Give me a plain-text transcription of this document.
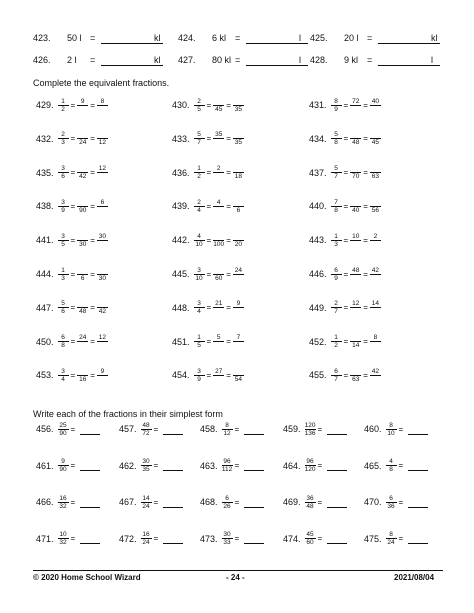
423. 50 l =	kl 424. 6 kl =	l 425. 20 l =	kl
426. 2 l =	kl 427. 80 kl =	l 428. 9 kl =	l
Complete the equivalent fractions.
429. $\frac{1}{2} = 9 = 8$	430. $\frac{2}{5} = 45 = 35$	431. $\frac{8}{9} = 72 = 40$
432. $\frac{2}{3} = 24 = 12$	433. $\frac{5}{7} = 35 = 35$	434. $\frac{5}{8} = 48 = 45$
435. $\frac{3}{6} = 42 = 12$	436. $\frac{1}{2} = 2 = 18$	437. $\frac{5}{7} = 70 = 63$
438. $\frac{3}{9} = 90 = 6$	439. $\frac{2}{4} = 4 = 6$	440. $\frac{7}{8} = 40 = 56$
441. $\frac{3}{5} = 30 = 30$	442. $\frac{4}{10} = 100 = 20$	443. $\frac{1}{3} = 10 = 2$
444. $\frac{1}{3} = 6 = 30$	445. $\frac{3}{10} = 60 = 24$	446. $\frac{6}{9} = 48 = 42$
447. $\frac{5}{6} = 48 = 42$	448. $\frac{3}{4} = 21 = 9$	449. $\frac{2}{7} = 12 = 14$
450. $\frac{6}{8} = 24 = 12$	451. $\frac{1}{5} = 5 = 7$	452. $\frac{1}{2} = 14 = 8$
453. $\frac{3}{4} = 16 = 9$	454. $\frac{3}{9} = 27 = 54$	455. $\frac{6}{7} = 63 = 42$
Write each of the fractions in their simplest form
456. $\frac{25}{90}$ =	457. $\frac{48}{72}$ =	458. $\frac{8}{12}$ =	459. $\frac{120}{136}$ =	460. $\frac{8}{10}$ =
461. $\frac{9}{90}$ =	462. $\frac{30}{35}$ =	463. $\frac{96}{112}$ =	464. $\frac{96}{120}$ =	465. $\frac{4}{8}$ =
466. $\frac{16}{32}$ =	467. $\frac{14}{24}$ =	468. $\frac{6}{26}$ =	469. $\frac{36}{48}$ =	470. $\frac{6}{36}$ =
471. $\frac{10}{32}$ =	472. $\frac{16}{24}$ =	473. $\frac{30}{33}$ =	474. $\frac{45}{60}$ =	475. $\frac{8}{24}$ =
© 2020 Home School Wizard	- 24 -	2021/08/04
